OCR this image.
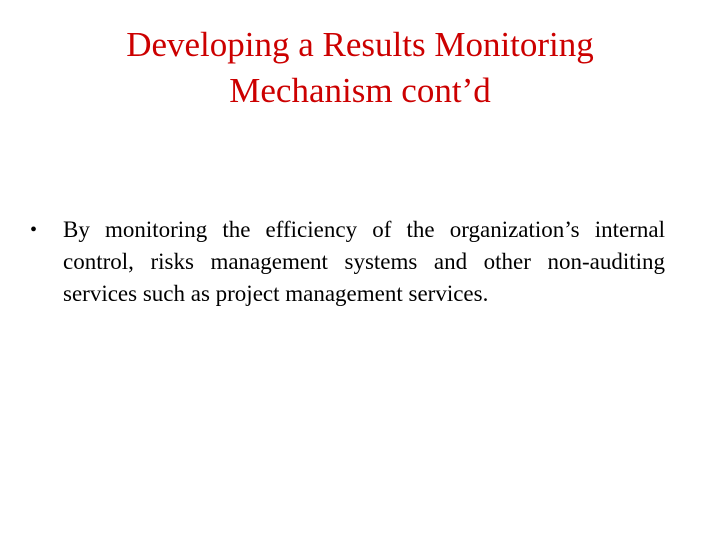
Developing a Results Monitoring
Mechanism cont’d
•	By monitoring the efficiency of the organization’s internal control, risks management systems and other non-auditing services such as project management services.
